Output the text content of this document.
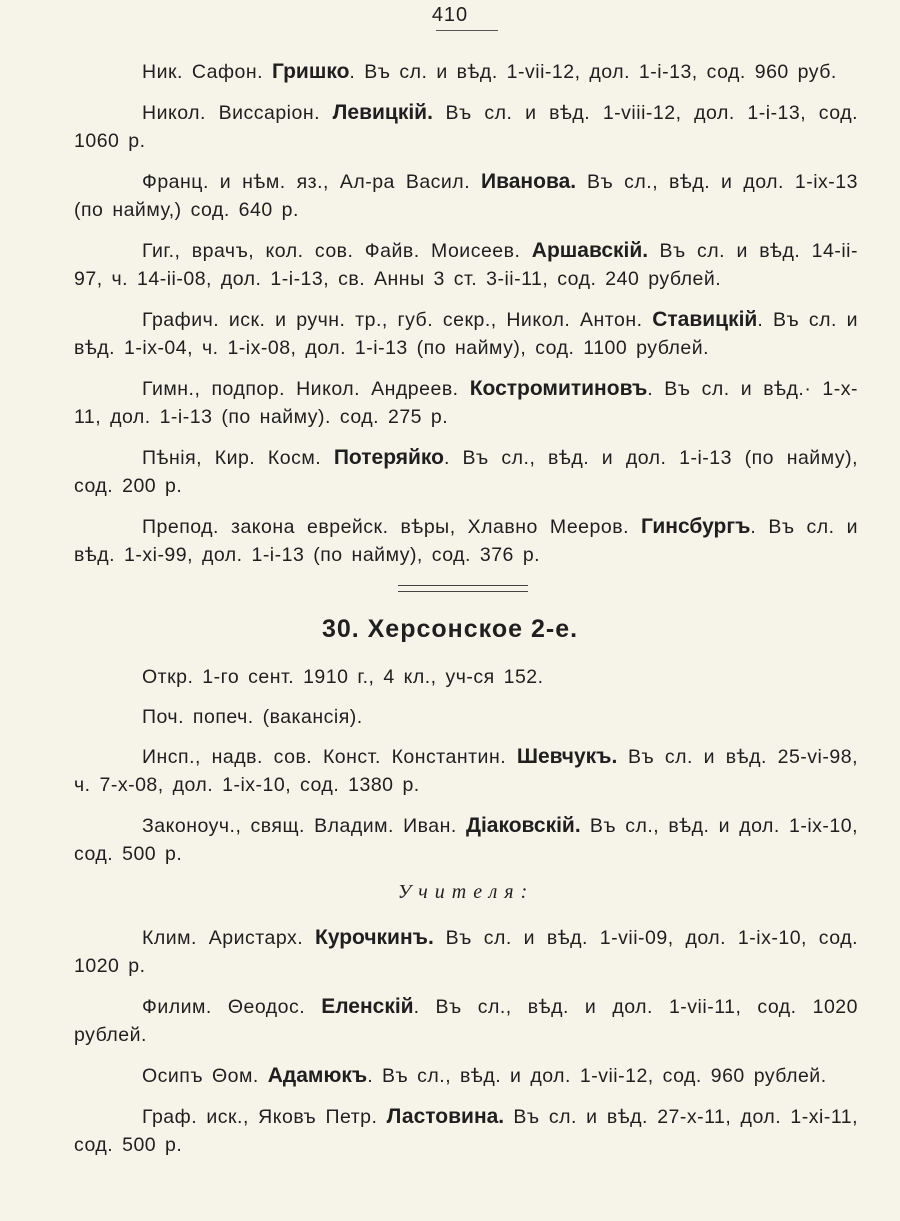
410

Ник. Сафон. Гришко. Въ сл. и вѣд. 1-vii-12, дол. 1-i-13, сод. 960 руб.

Никол. Виссаріон. Левицкій. Въ сл. и вѣд. 1-viii-12, дол. 1-i-13, сод. 1060 р.

Франц. и нѣм. яз., Ал-ра Васил. Иванова. Въ сл., вѣд. и дол. 1-ix-13 (по найму,) сод. 640 р.

Гиг., врачъ, кол. сов. Файв. Моисеев. Аршавскій. Въ сл. и вѣд. 14-ii-97, ч. 14-ii-08, дол. 1-i-13, св. Анны 3 ст. 3-ii-11, сод. 240 рублей.

Графич. иск. и ручн. тр., губ. секр., Никол. Антон. Ставицкій. Въ сл. и вѣд. 1-ix-04, ч. 1-ix-08, дол. 1-i-13 (по найму), сод. 1100 рублей.

Гимн., подпор. Никол. Андреев. Костромитиновъ. Въ сл. и вѣд.· 1-x-11, дол. 1-i-13 (по найму). сод. 275 р.

Пѣнія, Кир. Косм. Потеряйко. Въ сл., вѣд. и дол. 1-i-13 (по найму), сод. 200 р.

Препод. закона еврейск. вѣры, Хлавно Мееров. Гинсбургъ. Въ сл. и вѣд. 1-xi-99, дол. 1-i-13 (по найму), сод. 376 р.

30. Херсонское 2-е.

Откр. 1-го сент. 1910 г., 4 кл., уч-ся 152.

Поч. попеч. (вакансія).

Инсп., надв. сов. Конст. Константин. Шевчукъ. Въ сл. и вѣд. 25-vi-98, ч. 7-x-08, дол. 1-ix-10, сод. 1380 р.

Законоуч., свящ. Владим. Иван. Діаковскій. Въ сл., вѣд. и дол. 1-ix-10, сод. 500 р.

Учителя:

Клим. Аристарх. Курочкинъ. Въ сл. и вѣд. 1-vii-09, дол. 1-ix-10, сод. 1020 р.

Филим. Θеодос. Еленскій. Въ сл., вѣд. и дол. 1-vii-11, сод. 1020 рублей.

Осипъ Θом. Адамюкъ. Въ сл., вѣд. и дол. 1-vii-12, сод. 960 рублей.

Граф. иск., Яковъ Петр. Ластовина. Въ сл. и вѣд. 27-x-11, дол. 1-xi-11, сод. 500 р.
